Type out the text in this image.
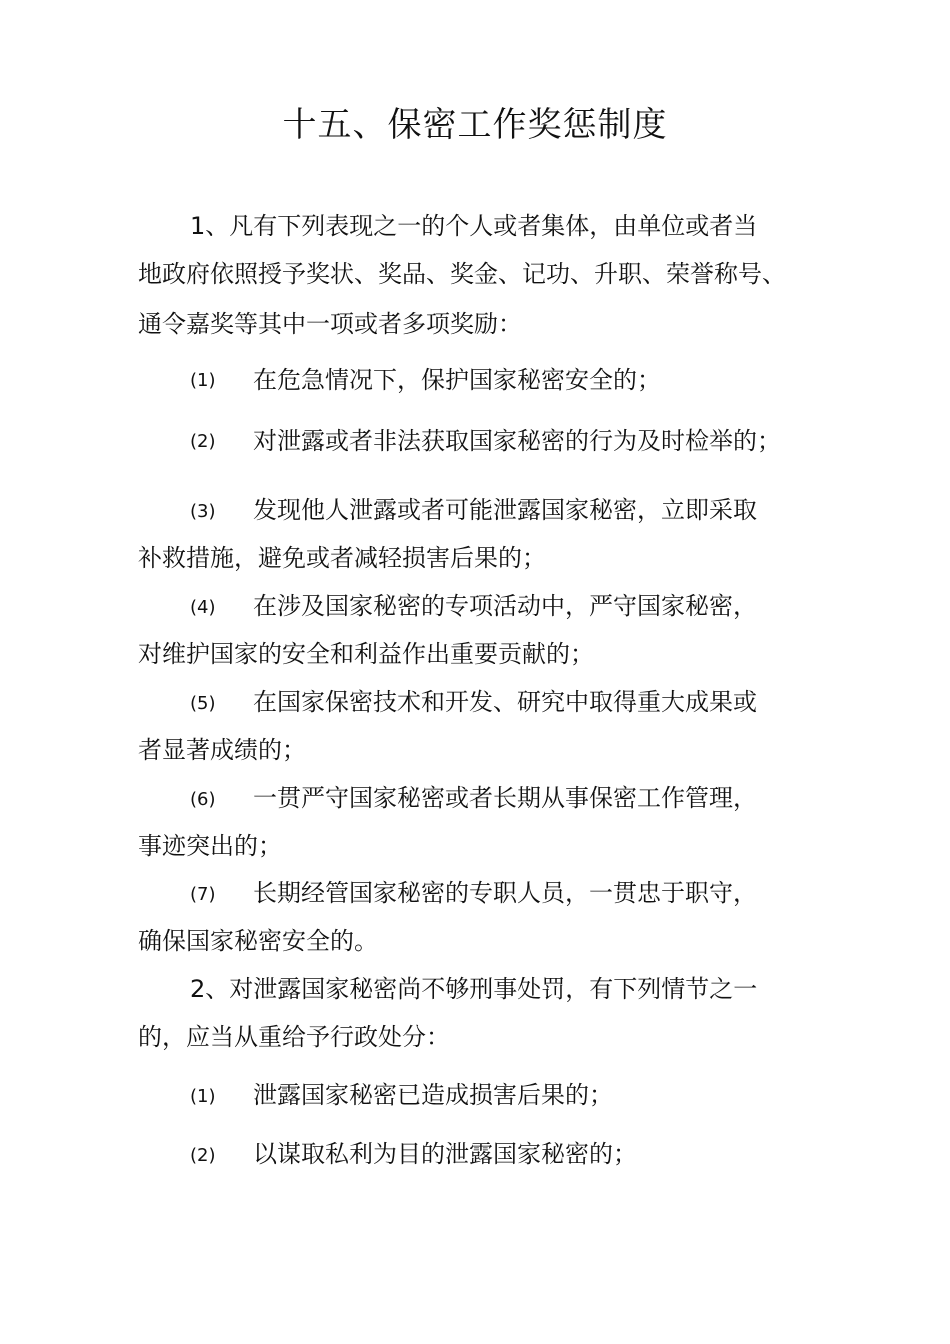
十五、保密工作奖惩制度
1、凡有下列表现之一的个人或者集体，由单位或者当
地政府依照授予奖状、奖品、奖金、记功、升职、荣誉称号、
通令嘉奖等其中一项或者多项奖励：
(1) 在危急情况下，保护国家秘密安全的；
(2) 对泄露或者非法获取国家秘密的行为及时检举的；
(3) 发现他人泄露或者可能泄露国家秘密，立即采取
补救措施，避免或者减轻损害后果的；
(4) 在涉及国家秘密的专项活动中，严守国家秘密，
对维护国家的安全和利益作出重要贡献的；
(5) 在国家保密技术和开发、研究中取得重大成果或
者显著成绩的；
(6) 一贯严守国家秘密或者长期从事保密工作管理，
事迹突出的；
(7) 长期经管国家秘密的专职人员，一贯忠于职守，
确保国家秘密安全的。
2、对泄露国家秘密尚不够刑事处罚，有下列情节之一
的，应当从重给予行政处分：
(1) 泄露国家秘密已造成损害后果的；
(2) 以谋取私利为目的泄露国家秘密的；
